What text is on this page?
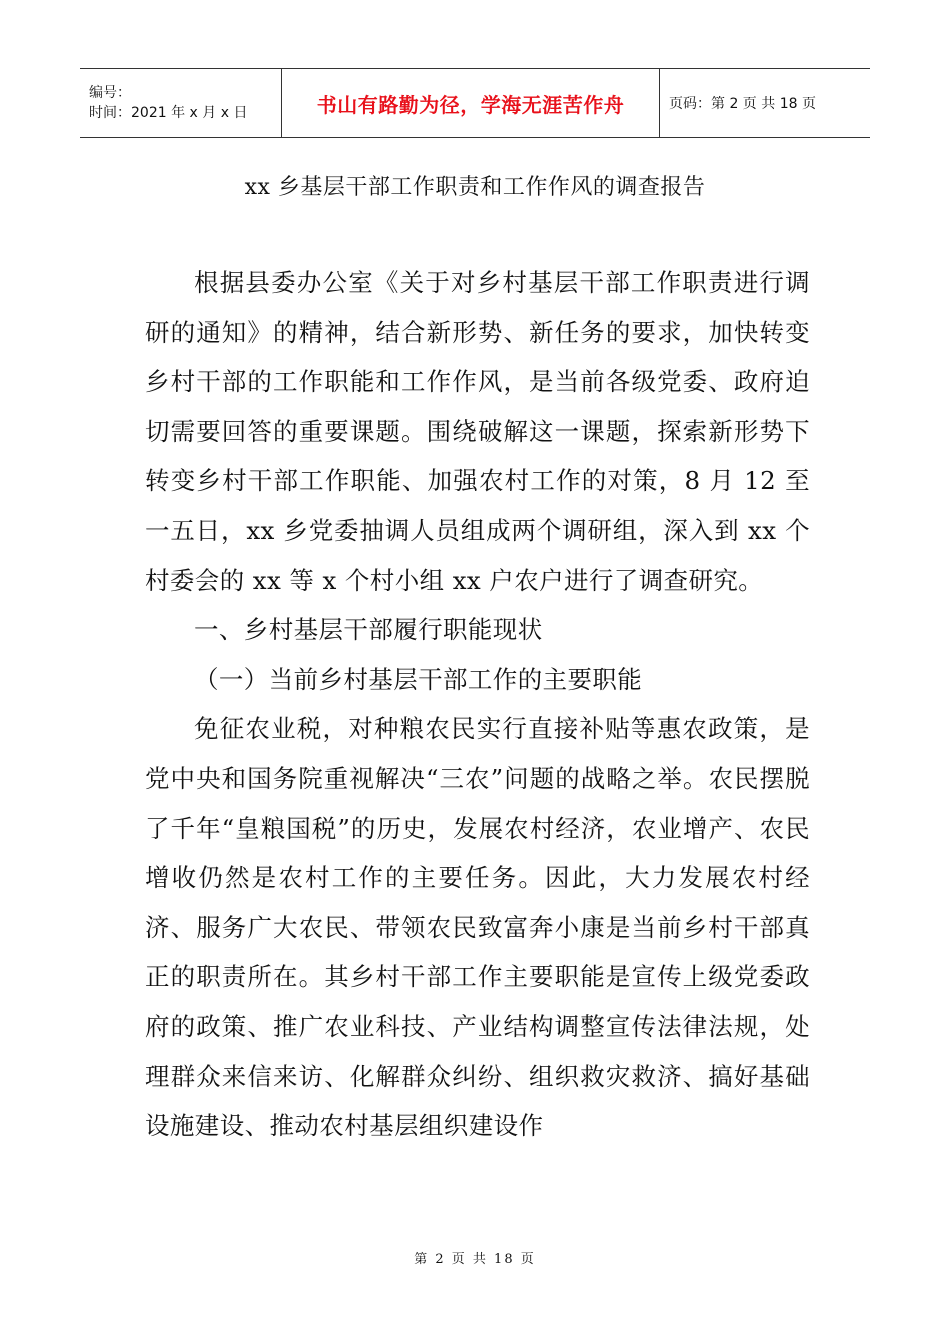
编号：
时间：2021 年 x 月 x 日	书山有路勤为径，学海无涯苦作舟	页码：第 2 页 共 18 页
xx 乡基层干部工作职责和工作作风的调查报告

根据县委办公室《关于对乡村基层干部工作职责进行调研的通知》的精神，结合新形势、新任务的要求，加快转变乡村干部的工作职能和工作作风，是当前各级党委、政府迫切需要回答的重要课题。围绕破解这一课题，探索新形势下转变乡村干部工作职能、加强农村工作的对策，8 月 12 至一五日，xx 乡党委抽调人员组成两个调研组，深入到 xx 个村委会的 xx 等 x 个村小组 xx 户农户进行了调查研究。

一、乡村基层干部履行职能现状

（一）当前乡村基层干部工作的主要职能

免征农业税，对种粮农民实行直接补贴等惠农政策，是党中央和国务院重视解决“三农”问题的战略之举。农民摆脱了千年“皇粮国税”的历史，发展农村经济，农业增产、农民增收仍然是农村工作的主要任务。因此，大力发展农村经济、服务广大农民、带领农民致富奔小康是当前乡村干部真正的职责所在。其乡村干部工作主要职能是宣传上级党委政府的政策、推广农业科技、产业结构调整宣传法律法规，处理群众来信来访、化解群众纠纷、组织救灾救济、搞好基础设施建设、推动农村基层组织建设作

第 2 页 共 18 页
